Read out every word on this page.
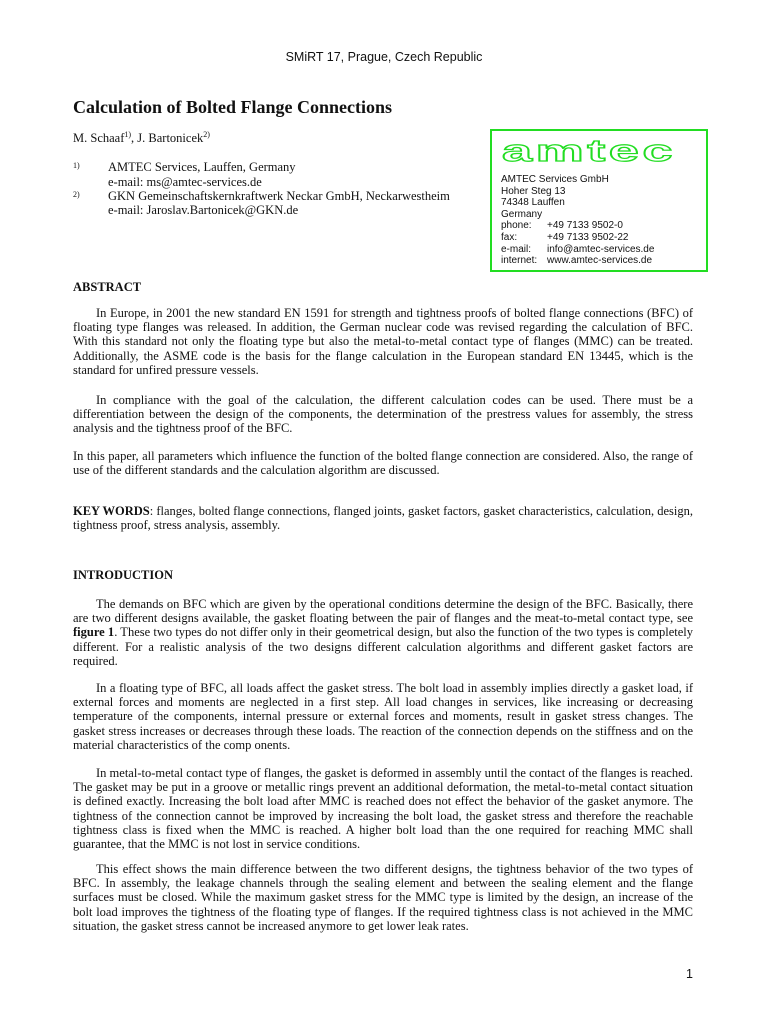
SMiRT 17, Prague, Czech Republic
Calculation of Bolted Flange Connections
M. Schaaf$^{1)}$, J. Bartonicek$^{2)}$
1) AMTEC Services, Lauffen, Germany
e-mail: ms@amtec-services.de
2) GKN Gemeinschaftskernkraftwerk Neckar GmbH, Neckarwestheim
e-mail: Jaroslav.Bartonicek@GKN.de
amtec
AMTEC Services GmbH
Hoher Steg 13
74348 Lauffen
Germany
phone: +49 7133 9502-0
fax:	+49 7133 9502-22
e-mail: info@amtec-services.de
internet: www.amtec-services.de
ABSTRACT

In Europe, in 2001 the new standard EN 1591 for strength and tightness proofs of bolted flange connections (BFC) of floating type flanges was released. In addition, the German nuclear code was revised regarding the calculation of BFC. With this standard not only the floating type but also the metal-to-metal contact type of flanges (MMC) can be treated. Additionally, the ASME code is the basis for the flange calculation in the European standard EN 13445, which is the standard for unfired pressure vessels.

In compliance with the goal of the calculation, the different calculation codes can be used. There must be a differentiation between the design of the components, the determination of the prestress values for assembly, the stress analysis and the tightness proof of the BFC.

In this paper, all parameters which influence the function of the bolted flange connection are considered. Also, the range of use of the different standards and the calculation algorithm are discussed.

KEY WORDS: flanges, bolted flange connections, flanged joints, gasket factors, gasket characteristics, calculation, design, tightness proof, stress analysis, assembly.

INTRODUCTION

The demands on BFC which are given by the operational conditions determine the design of the BFC. Basically, there are two different designs available, the gasket floating between the pair of flanges and the meat-to-metal contact type, see figure 1. These two types do not differ only in their geometrical design, but also the function of the two types is completely different. For a realistic analysis of the two designs different calculation algorithms and different gasket factors are required.

In a floating type of BFC, all loads affect the gasket stress. The bolt load in assembly implies directly a gasket load, if external forces and moments are neglected in a first step. All load changes in services, like increasing or decreasing temperature of the components, internal pressure or external forces and moments, result in gasket stress changes. The gasket stress increases or decreases through these loads. The reaction of the connection depends on the stiffness and on the material characteristics of the comp onents.

In metal-to-metal contact type of flanges, the gasket is deformed in assembly until the contact of the flanges is reached. The gasket may be put in a groove or metallic rings prevent an additional deformation, the metal-to-metal contact situation is defined exactly. Increasing the bolt load after MMC is reached does not effect the behavior of the gasket anymore. The tightness of the connection cannot be improved by increasing the bolt load, the gasket stress and therefore the reachable tightness class is fixed when the MMC is reached. A higher bolt load than the one required for reaching MMC shall guarantee, that the MMC is not lost in service conditions.

This effect shows the main difference between the two different designs, the tightness behavior of the two types of BFC. In assembly, the leakage channels through the sealing element and between the sealing element and the flange surfaces must be closed. While the maximum gasket stress for the MMC type is limited by the design, an increase of the bolt load improves the tightness of the floating type of flanges. If the required tightness class is not achieved in the MMC situation, the gasket stress cannot be increased anymore to get lower leak rates.

1
